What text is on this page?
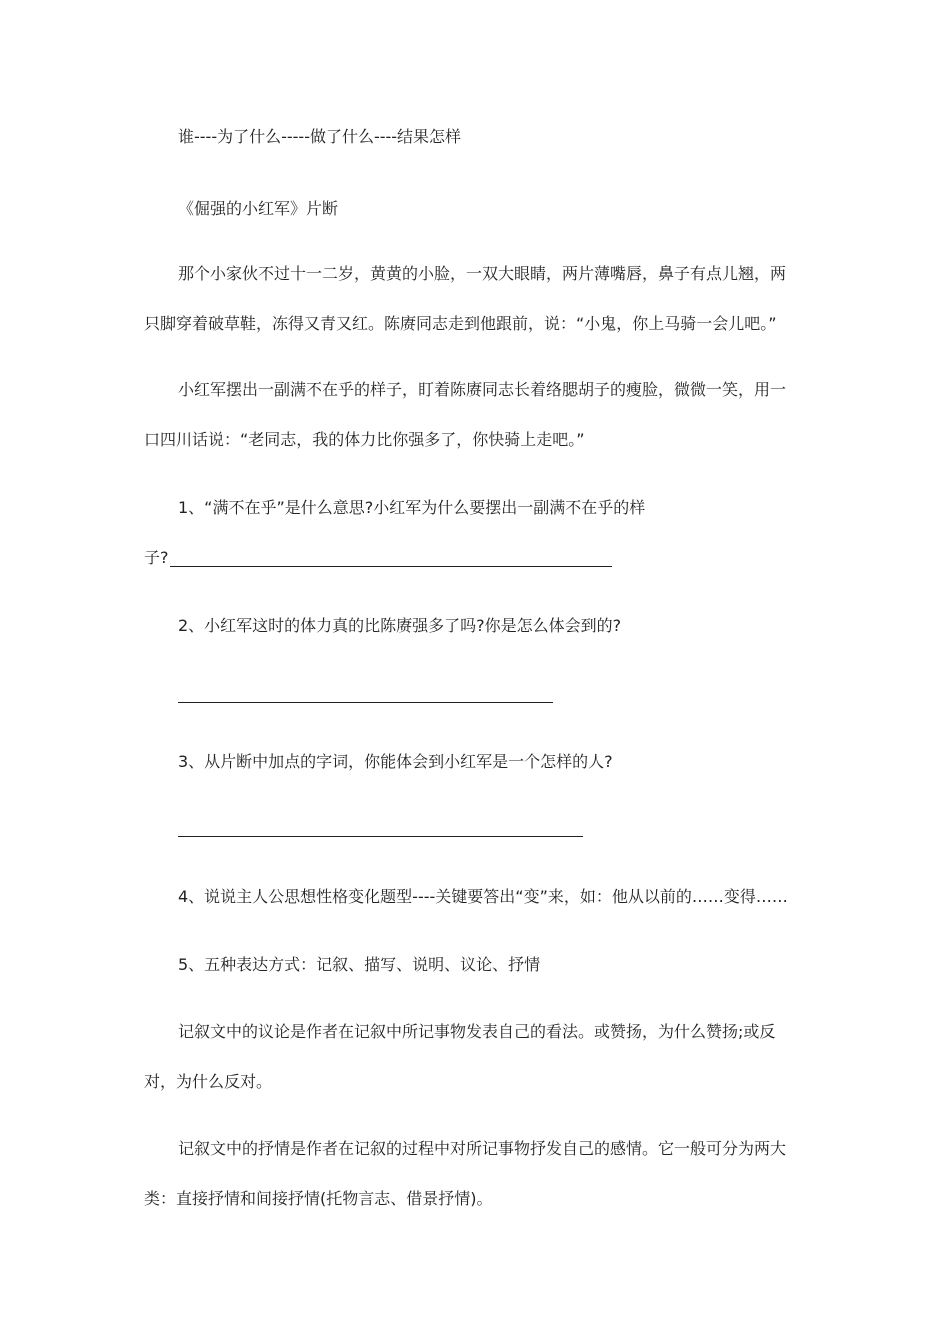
谁----为了什么-----做了什么----结果怎样
《倔强的小红军》片断
那个小家伙不过十一二岁，黄黄的小脸，一双大眼睛，两片薄嘴唇，鼻子有点儿翘，两
只脚穿着破草鞋，冻得又青又红。陈赓同志走到他跟前，说：“小鬼，你上马骑一会儿吧。”
小红军摆出一副满不在乎的样子，盯着陈赓同志长着络腮胡子的瘦脸，微微一笑，用一
口四川话说：“老同志，我的体力比你强多了，你快骑上走吧。”
1、“满不在乎”是什么意思?小红军为什么要摆出一副满不在乎的样
子?
2、小红军这时的体力真的比陈赓强多了吗?你是怎么体会到的?
3、从片断中加点的字词，你能体会到小红军是一个怎样的人?
4、说说主人公思想性格变化题型----关键要答出“变”来，如：他从以前的……变得……
5、五种表达方式：记叙、描写、说明、议论、抒情
记叙文中的议论是作者在记叙中所记事物发表自己的看法。或赞扬，为什么赞扬;或反
对，为什么反对。
记叙文中的抒情是作者在记叙的过程中对所记事物抒发自己的感情。它一般可分为两大
类：直接抒情和间接抒情(托物言志、借景抒情)。
